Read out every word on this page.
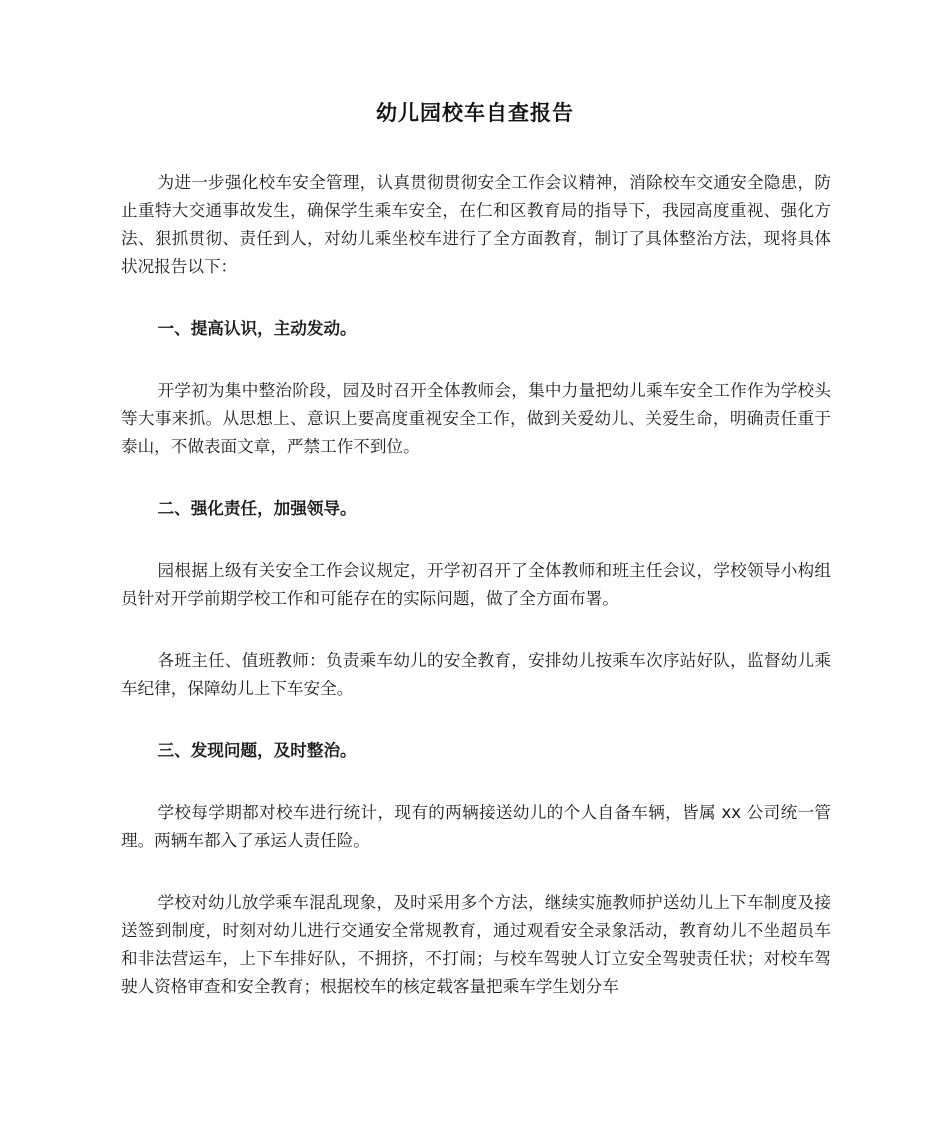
幼儿园校车自查报告

为进一步强化校车安全管理，认真贯彻贯彻安全工作会议精神，消除校车交通安全隐患，防止重特大交通事故发生，确保学生乘车安全，在仁和区教育局的指导下，我园高度重视、强化方法、狠抓贯彻、责任到人，对幼儿乘坐校车进行了全方面教育，制订了具体整治方法，现将具体状况报告以下：

一、提高认识，主动发动。

开学初为集中整治阶段，园及时召开全体教师会，集中力量把幼儿乘车安全工作作为学校头等大事来抓。从思想上、意识上要高度重视安全工作，做到关爱幼儿、关爱生命，明确责任重于泰山，不做表面文章，严禁工作不到位。

二、强化责任，加强领导。

园根据上级有关安全工作会议规定，开学初召开了全体教师和班主任会议，学校领导小构组员针对开学前期学校工作和可能存在的实际问题，做了全方面布署。

各班主任、值班教师：负责乘车幼儿的安全教育，安排幼儿按乘车次序站好队，监督幼儿乘车纪律，保障幼儿上下车安全。

三、发现问题，及时整治。

学校每学期都对校车进行统计，现有的两辆接送幼儿的个人自备车辆，皆属 xx 公司统一管理。两辆车都入了承运人责任险。

学校对幼儿放学乘车混乱现象，及时采用多个方法，继续实施教师护送幼儿上下车制度及接送签到制度，时刻对幼儿进行交通安全常规教育，通过观看安全录象活动，教育幼儿不坐超员车和非法营运车，上下车排好队，不拥挤，不打闹；与校车驾驶人订立安全驾驶责任状；对校车驾驶人资格审查和安全教育；根据校车的核定载客量把乘车学生划分车
